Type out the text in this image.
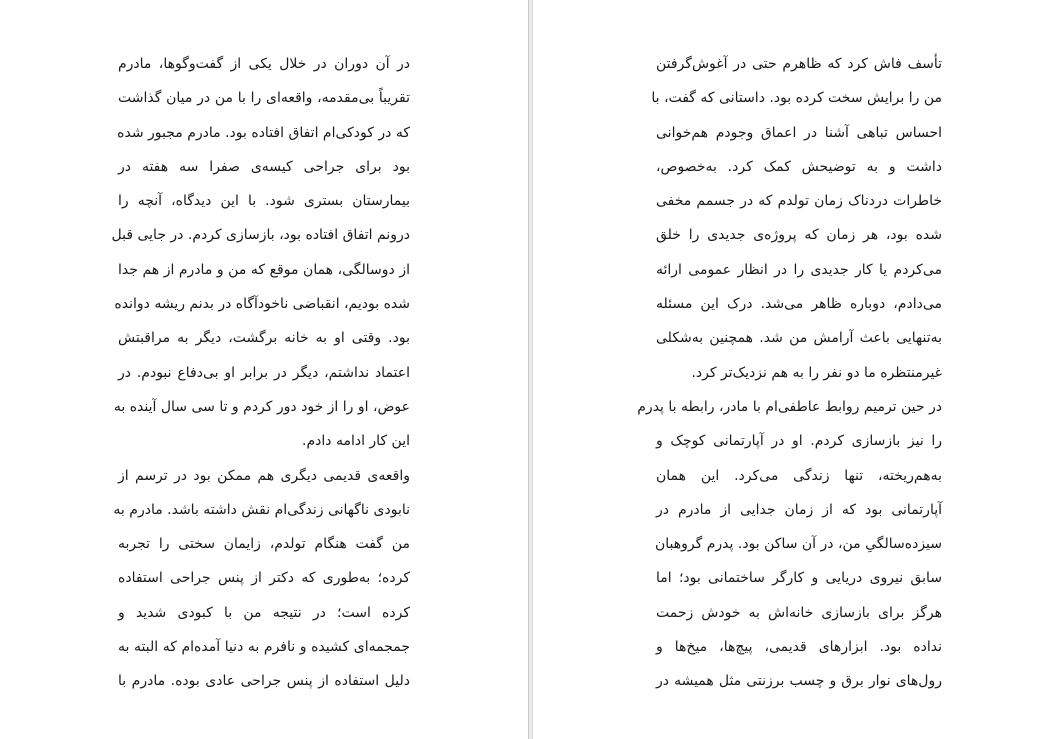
در آن دوران در خلال یکی از گفت‌وگوها، مادرم
تقریباً بی‌مقدمه، واقعه‌ای را با من در میان گذاشت
که در کودکی‌ام اتفاق افتاده بود. مادرم مجبور شده
بود برای جراحی کیسه‌ی صفرا سه هفته در
بیمارستان بستری شود. با این دیدگاه، آنچه را
درونم اتفاق افتاده بود، بازسازی کردم. در جایی قبل
از دوسالگی، همان موقع که من و مادرم از هم جدا
شده بودیم، انقباضی ناخودآگاه در بدنم ریشه دوانده
بود. وقتی او به خانه برگشت، دیگر به مراقبتش
اعتماد نداشتم، دیگر در برابر او بی‌دفاع نبودم. در
عوض، او را از خود دور کردم و تا سی سال آینده به
این کار ادامه دادم.
واقعه‌ی قدیمی دیگری هم ممکن بود در ترسم از
نابودی ناگهانی زندگی‌ام نقش داشته باشد. مادرم به
من گفت هنگام تولدم، زایمان سختی را تجربه
کرده؛ به‌طوری که دکتر از پنس جراحی استفاده
کرده است؛ در نتیجه من با کبودی شدید و
جمجمه‌ای کشیده و نافرم به دنیا آمده‌ام که البته به
دلیل استفاده از پنس جراحی عادی بوده. مادرم با
تأسف فاش کرد که ظاهرم حتی در آغوش‌گرفتن
من را برایش سخت کرده بود. داستانی که گفت، با
احساس تباهی آشنا در اعماق وجودم هم‌خوانی
داشت و به توضیحش کمک کرد. به‌خصوص،
خاطرات دردناک زمان تولدم که در جسمم مخفی
شده بود، هر زمان که پروژه‌ی جدیدی را خلق
می‌کردم یا کار جدیدی را در انظار عمومی ارائه
می‌دادم، دوباره ظاهر می‌شد. درک این مسئله
به‌تنهایی باعث آرامش من شد. همچنین به‌شکلی
غیرمنتظره ما دو نفر را به هم نزدیک‌تر کرد.
در حین ترمیم روابط عاطفی‌ام با مادر، رابطه با پدرم
را نیز بازسازی کردم. او در آپارتمانی کوچک و
به‌هم‌ریخته، تنها زندگی می‌کرد. این همان
آپارتمانی بود که از زمان جدایی از مادرم در
سیزده‌سالگیِ من، در آن ساکن بود. پدرم گروهبان
سابق نیروی دریایی و کارگر ساختمانی بود؛ اما
هرگز برای بازسازی خانه‌اش به خودش زحمت
نداده بود. ابزارهای قدیمی، پیچ‌ها، میخ‌ها و
رول‌های نوار برق و چسب برزنتی مثل همیشه در
